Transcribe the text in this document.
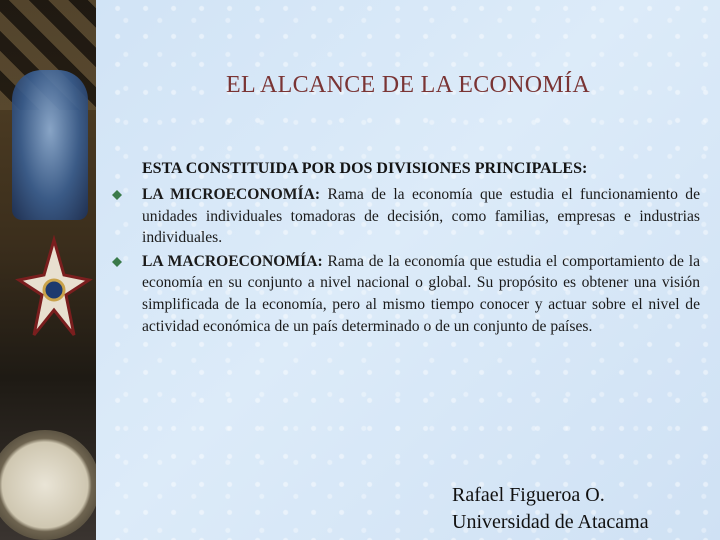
EL ALCANCE DE LA ECONOMÍA
ESTA CONSTITUIDA POR DOS DIVISIONES PRINCIPALES:
LA MICROECONOMÍA: Rama de la economía que estudia el funcionamiento de unidades individuales tomadoras de decisión, como familias, empresas e industrias individuales.
LA MACROECONOMÍA: Rama de la economía que estudia el comportamiento de la economía en su conjunto a nivel nacional o global. Su propósito es obtener una visión simplificada de la economía, pero al mismo tiempo conocer y actuar sobre el nivel de actividad económica de un país determinado o de un conjunto de países.
Rafael Figueroa O.
Universidad de Atacama
